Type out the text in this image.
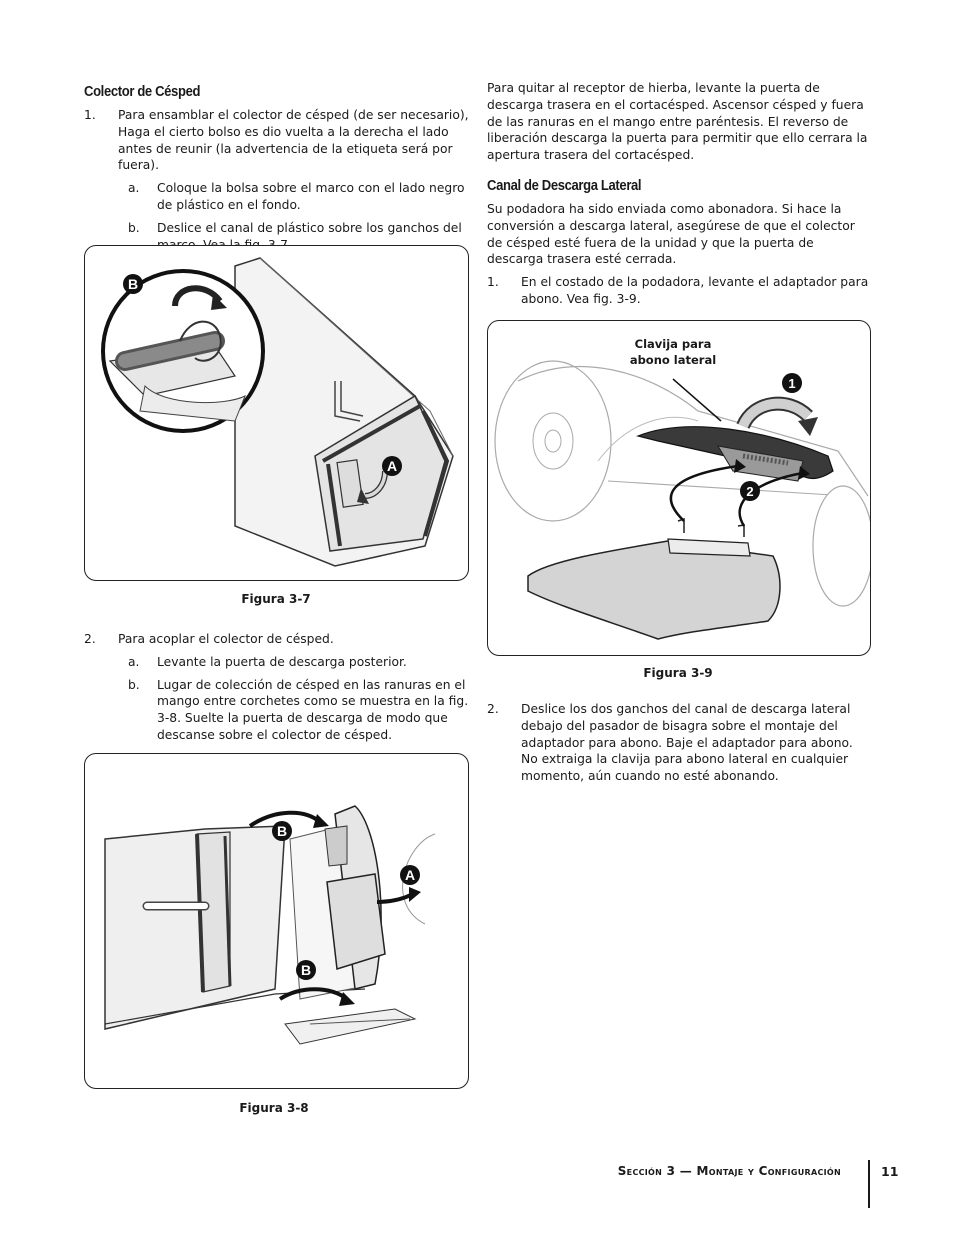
Colector de Césped
1. Para ensamblar el colector de césped (de ser necesario), Haga el cierto bolso es dio vuelta a la derecha el lado antes de reunir (la advertencia de la etiqueta será por fuera).
a. Coloque la bolsa sobre el marco con el lado negro de plástico en el fondo.
b. Deslice el canal de plástico sobre los ganchos del
B
A
Figura 3-7
2. Para acoplar el colector de césped.
a. Levante la puerta de descarga posterior.
b. Lugar de colección de césped en las ranuras en el mango entre corchetes como se muestra en la fig. 3-8. Suelte la puerta de descarga de modo que descanse sobre el colector de césped.
B
A
B
Figura 3-8
Para quitar al receptor de hierba, levante la puerta de descarga trasera en el cortacésped. Ascensor césped y fuera de las ranuras en el mango entre paréntesis. El reverso de liberación descarga la puerta para permitir que ello cerrara la apertura trasera del cortacésped.
Canal de Descarga Lateral
Su podadora ha sido enviada como abonadora. Si hace la conversión a descarga lateral, asegúrese de que el colector de césped esté fuera de la unidad y que la puerta de descarga trasera esté cerrada.
1. En el costado de la podadora, levante el adaptador para abono. Vea fig. 3-9.
1
2
Clavija para
abono lateral
Figura 3-9
2. Deslice los dos ganchos del canal de descarga lateral debajo del pasador de bisagra sobre el montaje del adaptador para abono. Baje el adaptador para abono. No extraiga la clavija para abono lateral en cualquier momento, aún cuando no esté abonando.
Sección 3 — Montaje y Configuración	11
